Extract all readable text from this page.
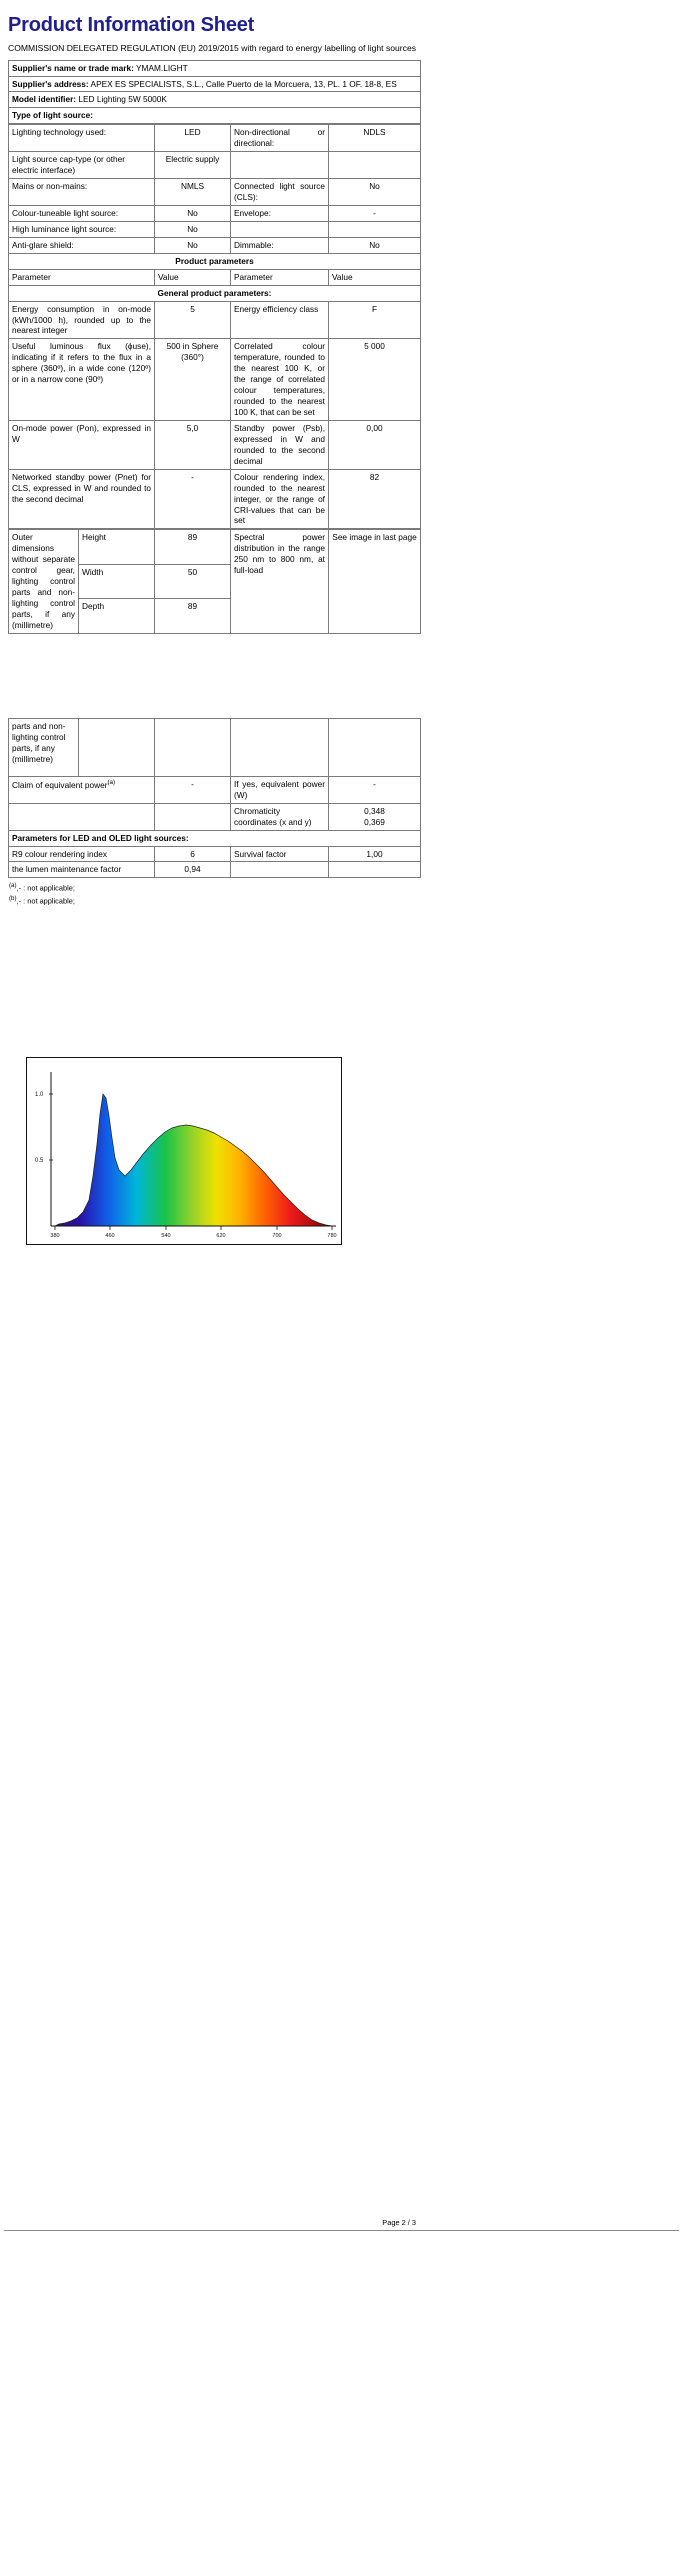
Product Information Sheet
COMMISSION DELEGATED REGULATION (EU) 2019/2015 with regard to energy labelling of light sources
Supplier's name or trade mark: YMAM.LIGHT
Supplier's address: APEX ES SPECIALISTS, S.L., Calle Puerto de la Morcuera, 13, PL. 1 OF. 18-8, ES
Model identifier: LED Lighting 5W 5000K
Type of light source:
Lighting technology used:	LED	Non-directional or directional:	NDLS
Light source cap-type (or other electric interface)	Electric supply		
Mains or non-mains:	NMLS	Connected light source (CLS):	No
Colour-tuneable light source:	No	Envelope:	-
High luminance light source:	No		
Anti-glare shield:	No	Dimmable:	No
Product parameters			
Parameter	Value	Parameter	Value
General product parameters:			
Energy consumption in on-mode (kWh/1000 h), rounded up to the nearest integer	5	Energy efficiency class	F
Useful luminous flux (ϕuse), indicating if it refers to the flux in a sphere (360º), in a wide cone (120º) or in a narrow cone (90º)	500 in Sphere (360°)	Correlated colour temperature, rounded to the nearest 100 K, or the range of correlated colour temperatures, rounded to the nearest 100 K, that can be set	5 000
On-mode power (Pon), expressed in W	5,0	Standby power (Psb), expressed in W and rounded to the second decimal	0,00
Networked standby power (Pnet) for CLS, expressed in W and rounded to the second decimal	-	Colour rendering index, rounded to the nearest integer, or the range of CRI-values that can be set	82
Outer dimensions without separate control gear, lighting control parts and non-lighting control parts, if any (millimetre)	Height	89	Spectral power distribution in the range 250 nm to 800 nm, at full-load	See image in last page
	Width	50		
	Depth	89		
parts and non-lighting control parts, if any (millimetre)				
Claim of equivalent power$^{(a)}$		-	If yes, equivalent power (W)	-
			Chromaticity coordinates (x and y)	0,348
0,369

Parameters for LED and OLED light sources:				
R9 colour rendering index		6	Survival factor	1,00
the lumen maintenance factor		0,94		
$^{(a)}$,- : not applicable;
$^{(b)}$,- : not applicable;
1.0
0.5
380	460	540	620	700	780
Page 2 / 3
